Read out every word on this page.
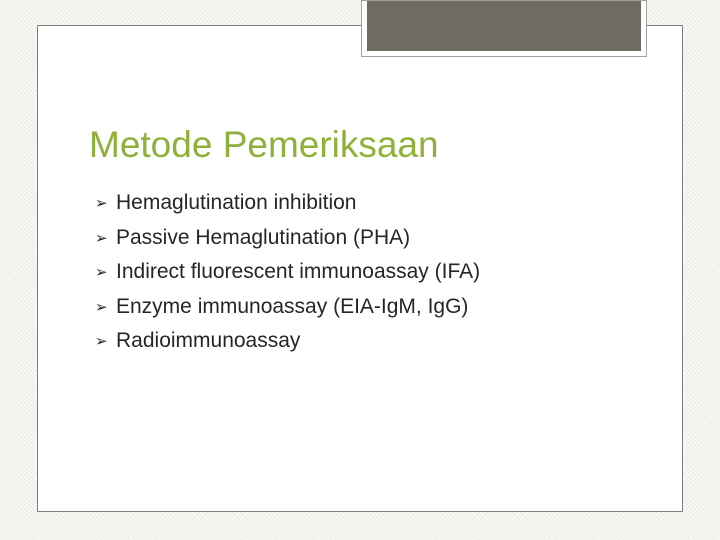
Metode Pemeriksaan
➢ Hemaglutination inhibition
➢ Passive Hemaglutination (PHA)
➢ Indirect fluorescent immunoassay (IFA)
➢ Enzyme immunoassay (EIA-IgM, IgG)
➢ Radioimmunoassay
